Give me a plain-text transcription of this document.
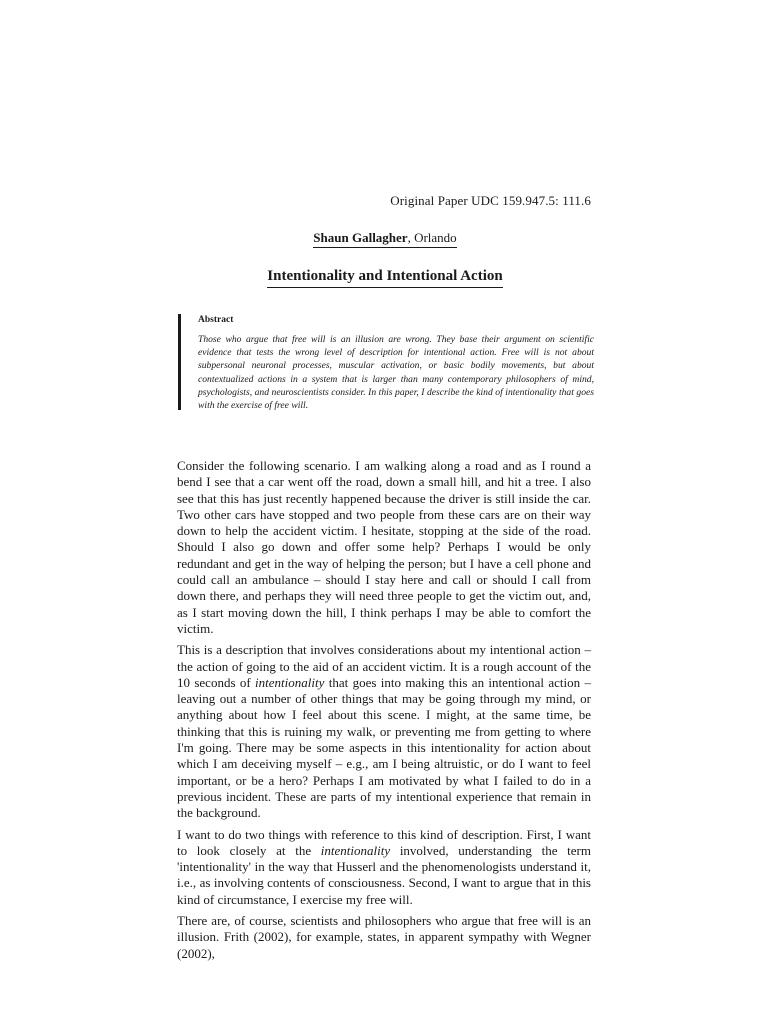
Original Paper UDC 159.947.5: 111.6
Shaun Gallagher, Orlando
Intentionality and Intentional Action
Abstract

Those who argue that free will is an illusion are wrong. They base their argument on scientific evidence that tests the wrong level of description for intentional action. Free will is not about subpersonal neuronal processes, muscular activation, or basic bodily movements, but about contextualized actions in a system that is larger than many contemporary philosophers of mind, psychologists, and neuroscientists consider. In this paper, I describe the kind of intentionality that goes with the exercise of free will.

Consider the following scenario. I am walking along a road and as I round a bend I see that a car went off the road, down a small hill, and hit a tree. I also see that this has just recently happened because the driver is still inside the car. Two other cars have stopped and two people from these cars are on their way down to help the accident victim. I hesitate, stopping at the side of the road. Should I also go down and offer some help? Perhaps I would be only redundant and get in the way of helping the person; but I have a cell phone and could call an ambulance – should I stay here and call or should I call from down there, and perhaps they will need three people to get the victim out, and, as I start moving down the hill, I think perhaps I may be able to comfort the victim.

This is a description that involves considerations about my intentional action – the action of going to the aid of an accident victim. It is a rough account of the 10 seconds of intentionality that goes into making this an intentional action – leaving out a number of other things that may be going through my mind, or anything about how I feel about this scene. I might, at the same time, be thinking that this is ruining my walk, or preventing me from getting to where I'm going. There may be some aspects in this intentionality for action about which I am deceiving myself – e.g., am I being altruistic, or do I want to feel important, or be a hero? Perhaps I am motivated by what I failed to do in a previous incident. These are parts of my intentional experience that remain in the background.

I want to do two things with reference to this kind of description. First, I want to look closely at the intentionality involved, understanding the term 'intentionality' in the way that Husserl and the phenomenologists understand it, i.e., as involving contents of consciousness. Second, I want to argue that in this kind of circumstance, I exercise my free will.

There are, of course, scientists and philosophers who argue that free will is an illusion. Frith (2002), for example, states, in apparent sympathy with Wegner (2002),
